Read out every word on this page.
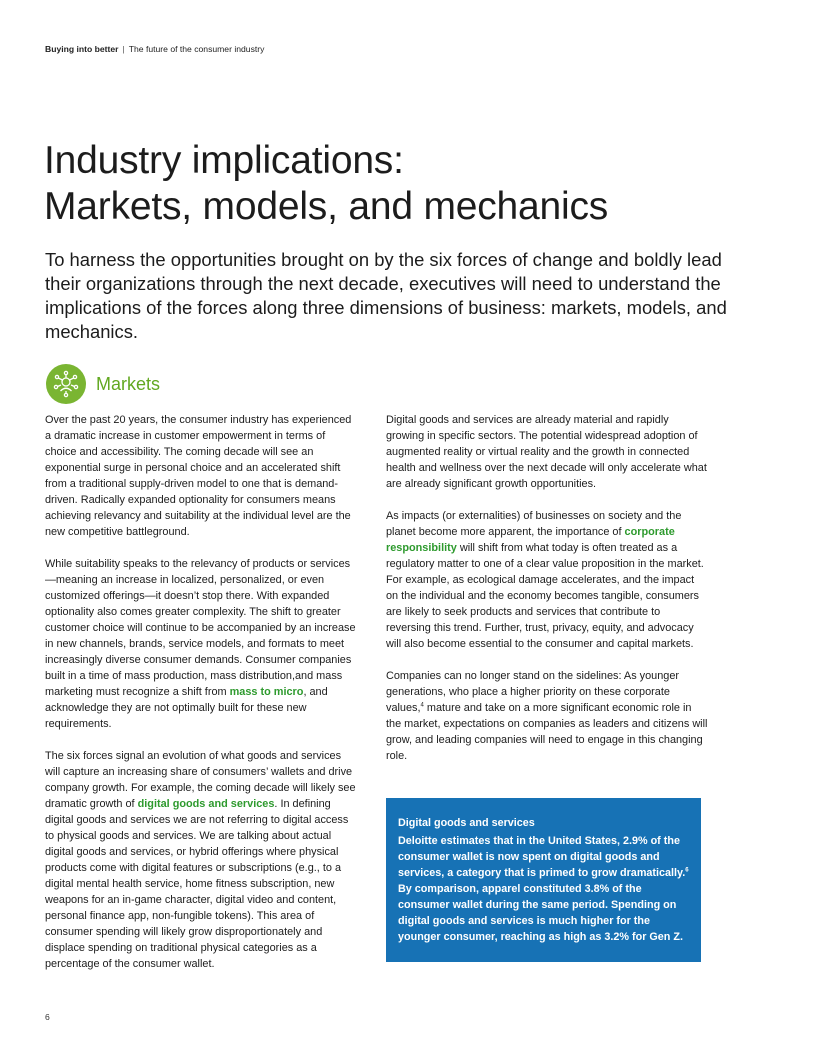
Buying into better | The future of the consumer industry
Industry implications:
Markets, models, and mechanics

To harness the opportunities brought on by the six forces of change and boldly lead their organizations through the next decade, executives will need to understand the implications of the forces along three dimensions of business: markets, models, and mechanics.

Markets

Over the past 20 years, the consumer industry has experienced a dramatic increase in customer empowerment in terms of choice and accessibility. The coming decade will see an exponential surge in personal choice and an accelerated shift from a traditional supply-driven model to one that is demand-driven. Radically expanded optionality for consumers means achieving relevancy and suitability at the individual level are the new competitive battleground.

While suitability speaks to the relevancy of products or services—meaning an increase in localized, personalized, or even customized offerings—it doesn’t stop there. With expanded optionality also comes greater complexity. The shift to greater customer choice will continue to be accompanied by an increase in new channels, brands, service models, and formats to meet increasingly diverse consumer demands. Consumer companies built in a time of mass production, mass distribution,and mass marketing must recognize a shift from mass to micro, and acknowledge they are not optimally built for these new requirements.

The six forces signal an evolution of what goods and services will capture an increasing share of consumers’ wallets and drive company growth. For example, the coming decade will likely see dramatic growth of digital goods and services. In defining digital goods and services we are not referring to digital access to physical goods and services. We are talking about actual digital goods and services, or hybrid offerings where physical products come with digital features or subscriptions (e.g., to a digital mental health service, home fitness subscription, new weapons for an in-game character, digital video and content, personal finance app, non-fungible tokens). This area of consumer spending will likely grow disproportionately and displace spending on traditional physical categories as a percentage of the consumer wallet.

Digital goods and services are already material and rapidly growing in specific sectors. The potential widespread adoption of augmented reality or virtual reality and the growth in connected health and wellness over the next decade will only accelerate what are already significant growth opportunities.

As impacts (or externalities) of businesses on society and the planet become more apparent, the importance of corporate responsibility will shift from what today is often treated as a regulatory matter to one of a clear value proposition in the market. For example, as ecological damage accelerates, and the impact on the individual and the economy becomes tangible, consumers are likely to seek products and services that contribute to reversing this trend. Further, trust, privacy, equity, and advocacy will also become essential to the consumer and capital markets.

Companies can no longer stand on the sidelines: As younger generations, who place a higher priority on these corporate values,$^4$ mature and take on a more significant economic role in the market, expectations on companies as leaders and citizens will grow, and leading companies will need to engage in this changing role.

Digital goods and services
Deloitte estimates that in the United States, 2.9% of the consumer wallet is now spent on digital goods and services, a category that is primed to grow dramatically.$^6$ By comparison, apparel constituted 3.8% of the consumer wallet during the same period. Spending on digital goods and services is much higher for the younger consumer, reaching as high as 3.2% for Gen Z.
6
